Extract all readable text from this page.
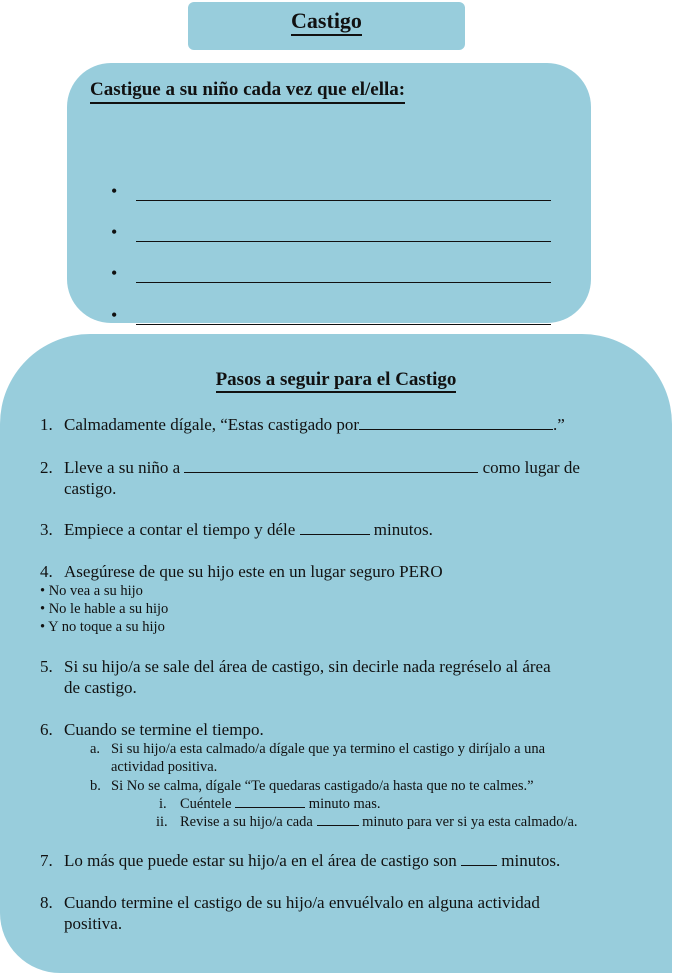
Castigo
Castigue a su niño cada vez que el/ella:
•
•
•
•
Pasos a seguir para el Castigo
1. Calmadamente dígale, “Estas castigado por	.”
2. Lleve a su niño a	como lugar de
castigo.
3. Empiece a contar el tiempo y déle	minutos.
4. Asegúrese de que su hijo este en un lugar seguro PERO
• No vea a su hijo
• No le hable a su hijo
• Y no toque a su hijo
5. Si su hijo/a se sale del área de castigo, sin decirle nada regréselo al área
de castigo.
6. Cuando se termine el tiempo.
a. Si su hijo/a esta calmado/a dígale que ya termino el castigo y diríjalo a una
actividad positiva.
b. Si No se calma, dígale “Te quedaras castigado/a hasta que no te calmes.”
i. Cuéntele	minuto mas.
ii. Revise a su hijo/a cada	minuto para ver si ya esta calmado/a.
7. Lo más que puede estar su hijo/a en el área de castigo son	minutos.
8. Cuando termine el castigo de su hijo/a envuélvalo en alguna actividad
positiva.
